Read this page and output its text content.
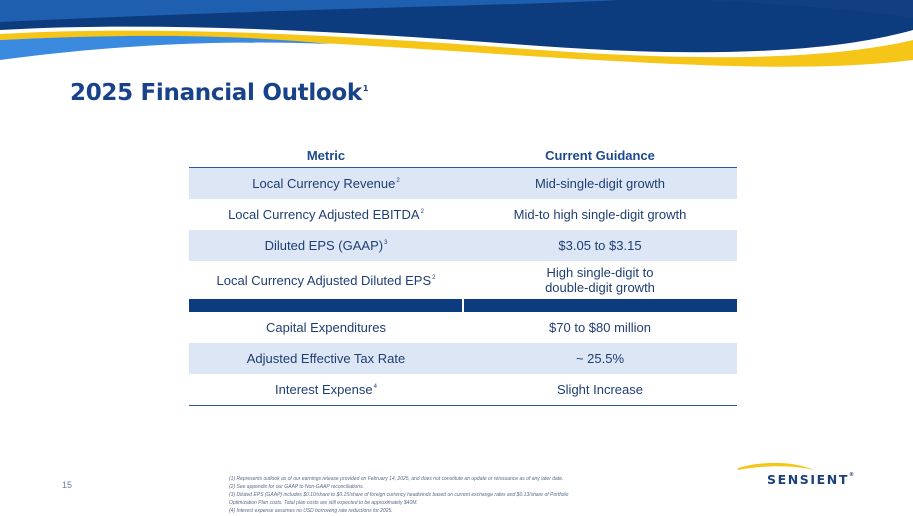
2025 Financial Outlook$^1$
Metric	Current Guidance
Local Currency Revenue$^2$	Mid-single-digit growth
Local Currency Adjusted EBITDA$^2$	Mid-to high single-digit growth
Diluted EPS (GAAP)$^3$	$3.05 to $3.15
Local Currency Adjusted Diluted EPS$^2$	High single-digit to
double-digit growth
Capital Expenditures	$70 to $80 million
Adjusted Effective Tax Rate	~ 25.5%
Interest Expense$^4$	Slight Increase
15
(1) Represents outlook as of our earnings release provided on February 14, 2025, and does not constitute an update or reissuance as of any later date.
(2) See appendix for our GAAP to Non-GAAP reconciliations.
(3) Diluted EPS (GAAP) includes $0.10/share to $0.15/share of foreign currency headwinds based on current exchange rates and $0.13/share of Portfolio
Optimization Plan costs. Total plan costs are still expected to be approximately $40M.
(4) Interest expense assumes no USD borrowing rate reductions for 2025.
SENSIENT®
